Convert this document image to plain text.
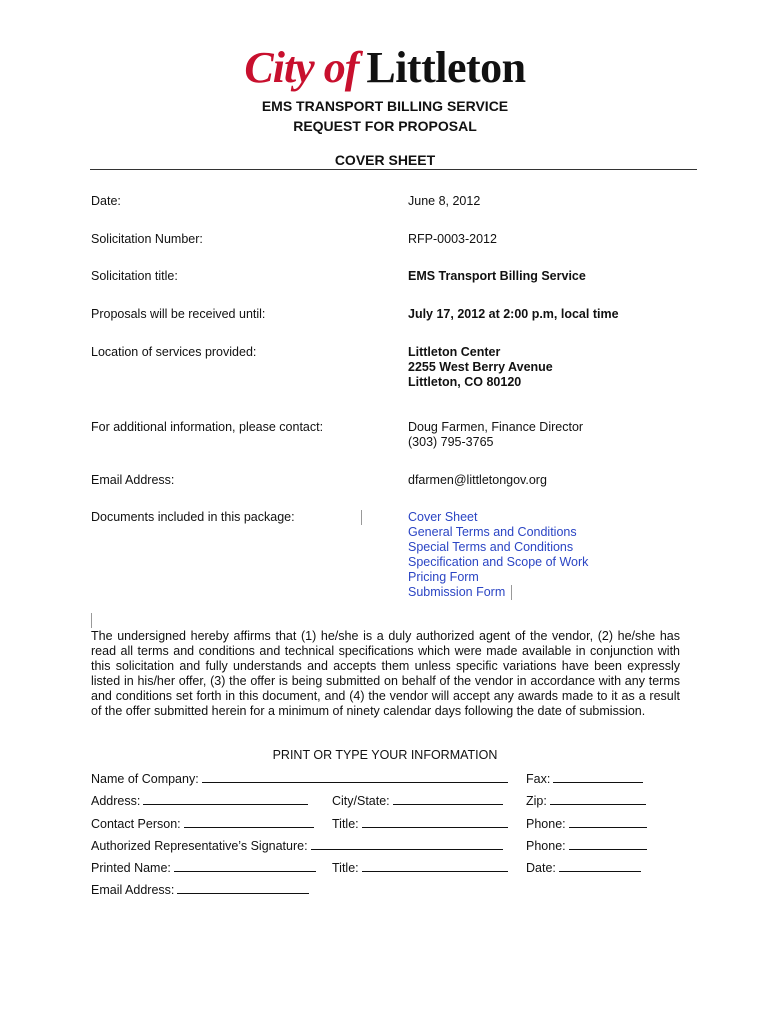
City of Littleton
EMS TRANSPORT BILLING SERVICE
REQUEST FOR PROPOSAL
COVER SHEET
Date:	June 8, 2012
Solicitation Number:	RFP-0003-2012
Solicitation title:	EMS Transport Billing Service
Proposals will be received until:	July 17, 2012 at 2:00 p.m, local time
Location of services provided:	Littleton Center
2255 West Berry Avenue
Littleton, CO 80120
For additional information, please contact:	Doug Farmen, Finance Director
(303) 795-3765
Email Address:	dfarmen@littletongov.org
Documents included in this package:	Cover Sheet
General Terms and Conditions
Special Terms and Conditions
Specification and Scope of Work
Pricing Form
Submission Form
The undersigned hereby affirms that (1) he/she is a duly authorized agent of the vendor, (2) he/she has read all terms and conditions and technical specifications which were made available in conjunction with this solicitation and fully understands and accepts them unless specific variations have been expressly listed in his/her offer, (3) the offer is being submitted on behalf of the vendor in accordance with any terms and conditions set forth in this document, and (4) the vendor will accept any awards made to it as a result of the offer submitted herein for a minimum of ninety calendar days following the date of submission.
PRINT OR TYPE YOUR INFORMATION
Name of Company:	Fax:
Address:	City/State:	Zip:
Contact Person:	Title:	Phone:
Authorized Representative’s Signature:	Phone:
Printed Name:	Title:	Date:
Email Address:
